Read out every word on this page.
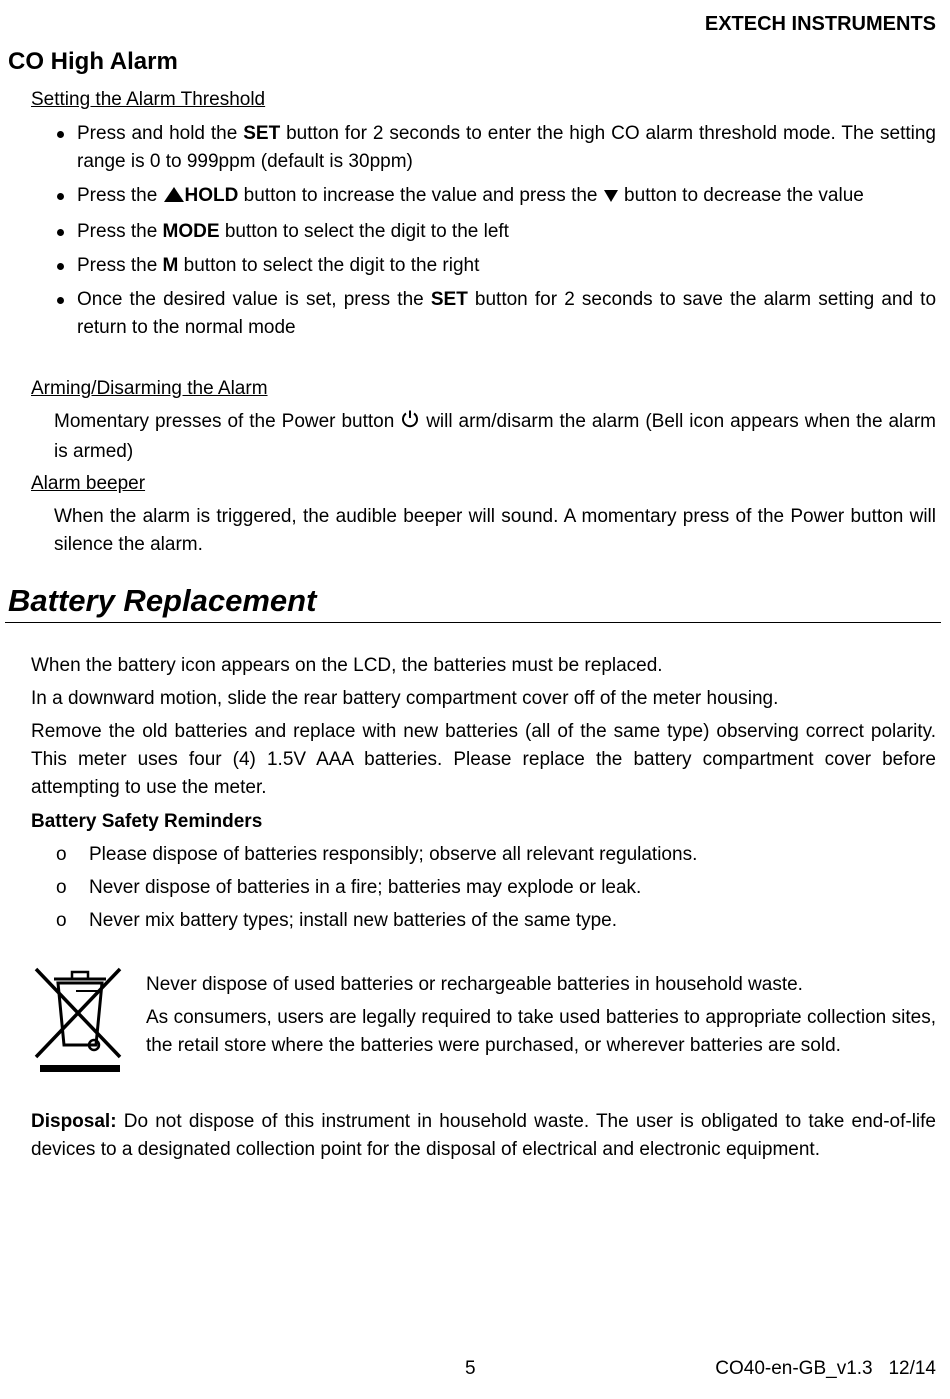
EXTECH INSTRUMENTS
CO High Alarm
Setting the Alarm Threshold
Press and hold the SET button for 2 seconds to enter the high CO alarm threshold mode. The setting range is 0 to 999ppm (default is 30ppm)
Press the HOLD button to increase the value and press the  button to decrease the value
Press the MODE button to select the digit to the left
Press the M button to select the digit to the right
Once the desired value is set, press the SET button for 2 seconds to save the alarm setting and to return to the normal mode
Arming/Disarming the Alarm
Momentary presses of the Power button  will arm/disarm the alarm (Bell icon appears when the alarm is armed)
Alarm beeper
When the alarm is triggered, the audible beeper will sound. A momentary press of the Power button will silence the alarm.
Battery Replacement
When the battery icon appears on the LCD, the batteries must be replaced.
In a downward motion, slide the rear battery compartment cover off of the meter housing.
Remove the old batteries and replace with new batteries (all of the same type) observing correct polarity. This meter uses four (4) 1.5V AAA batteries. Please replace the battery compartment cover before attempting to use the meter.
Battery Safety Reminders
o Please dispose of batteries responsibly; observe all relevant regulations.
o Never dispose of batteries in a fire; batteries may explode or leak.
o Never mix battery types; install new batteries of the same type.
Never dispose of used batteries or rechargeable batteries in household waste.
As consumers, users are legally required to take used batteries to appropriate collection sites, the retail store where the batteries were purchased, or wherever batteries are sold.
Disposal: Do not dispose of this instrument in household waste. The user is obligated to take end-of-life devices to a designated collection point for the disposal of electrical and electronic equipment.
5	CO40-en-GB_v1.3   12/14
